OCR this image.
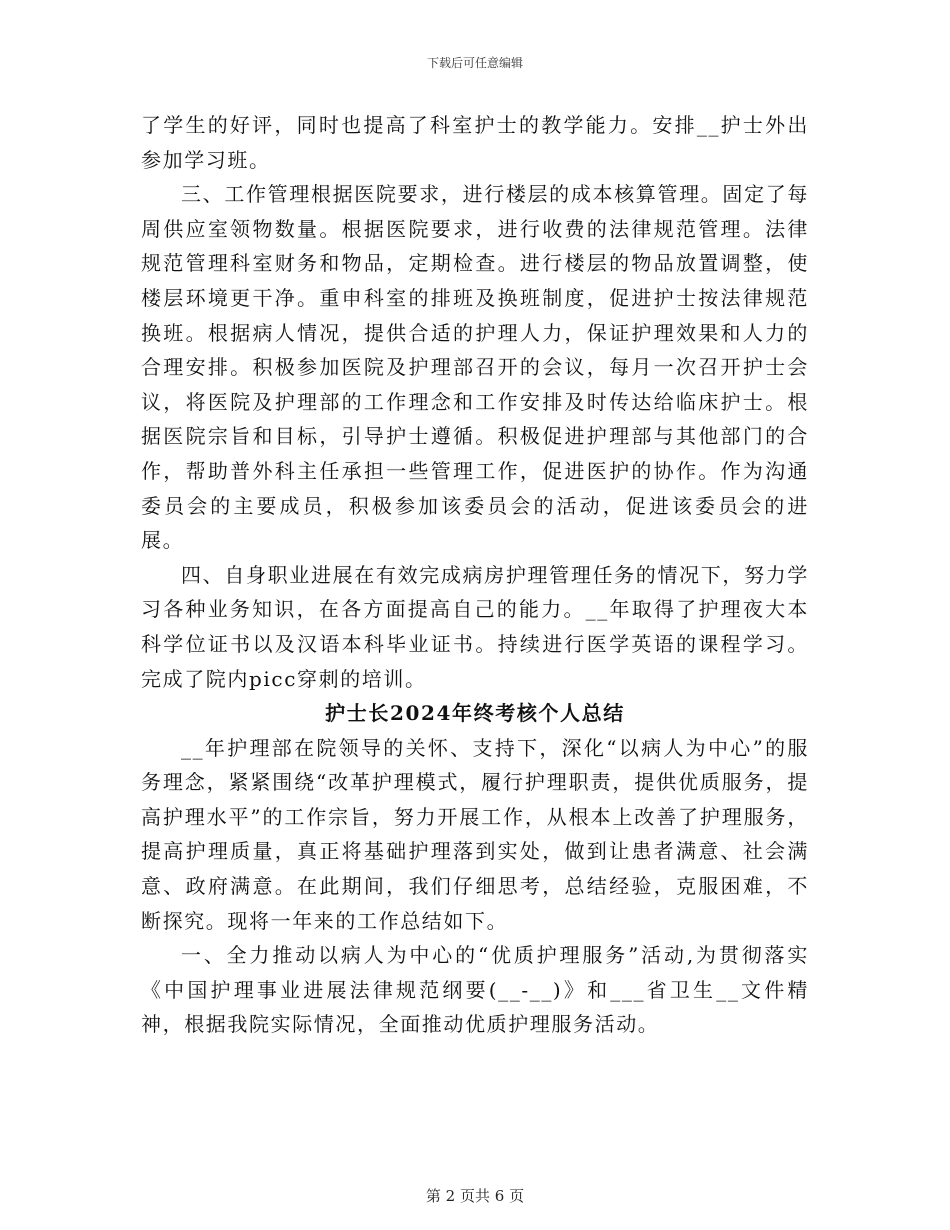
下载后可任意编辑

了学生的好评，同时也提高了科室护士的教学能力。安排__护士外出参加学习班。

三、工作管理根据医院要求，进行楼层的成本核算管理。固定了每周供应室领物数量。根据医院要求，进行收费的法律规范管理。法律规范管理科室财务和物品，定期检查。进行楼层的物品放置调整，使楼层环境更干净。重申科室的排班及换班制度，促进护士按法律规范换班。根据病人情况，提供合适的护理人力，保证护理效果和人力的合理安排。积极参加医院及护理部召开的会议，每月一次召开护士会议，将医院及护理部的工作理念和工作安排及时传达给临床护士。根据医院宗旨和目标，引导护士遵循。积极促进护理部与其他部门的合作，帮助普外科主任承担一些管理工作，促进医护的协作。作为沟通委员会的主要成员，积极参加该委员会的活动，促进该委员会的进展。

四、自身职业进展在有效完成病房护理管理任务的情况下，努力学习各种业务知识，在各方面提高自己的能力。__年取得了护理夜大本科学位证书以及汉语本科毕业证书。持续进行医学英语的课程学习。完成了院内picc穿刺的培训。

护士长2024年终考核个人总结

__年护理部在院领导的关怀、支持下，深化“以病人为中心”的服务理念，紧紧围绕“改革护理模式，履行护理职责，提供优质服务，提高护理水平”的工作宗旨，努力开展工作，从根本上改善了护理服务，提高护理质量，真正将基础护理落到实处，做到让患者满意、社会满意、政府满意。在此期间，我们仔细思考，总结经验，克服困难，不断探究。现将一年来的工作总结如下。

一、全力推动以病人为中心的“优质护理服务”活动,为贯彻落实《中国护理事业进展法律规范纲要(__-__)》和___省卫生__文件精神，根据我院实际情况，全面推动优质护理服务活动。

第 2 页共 6 页
